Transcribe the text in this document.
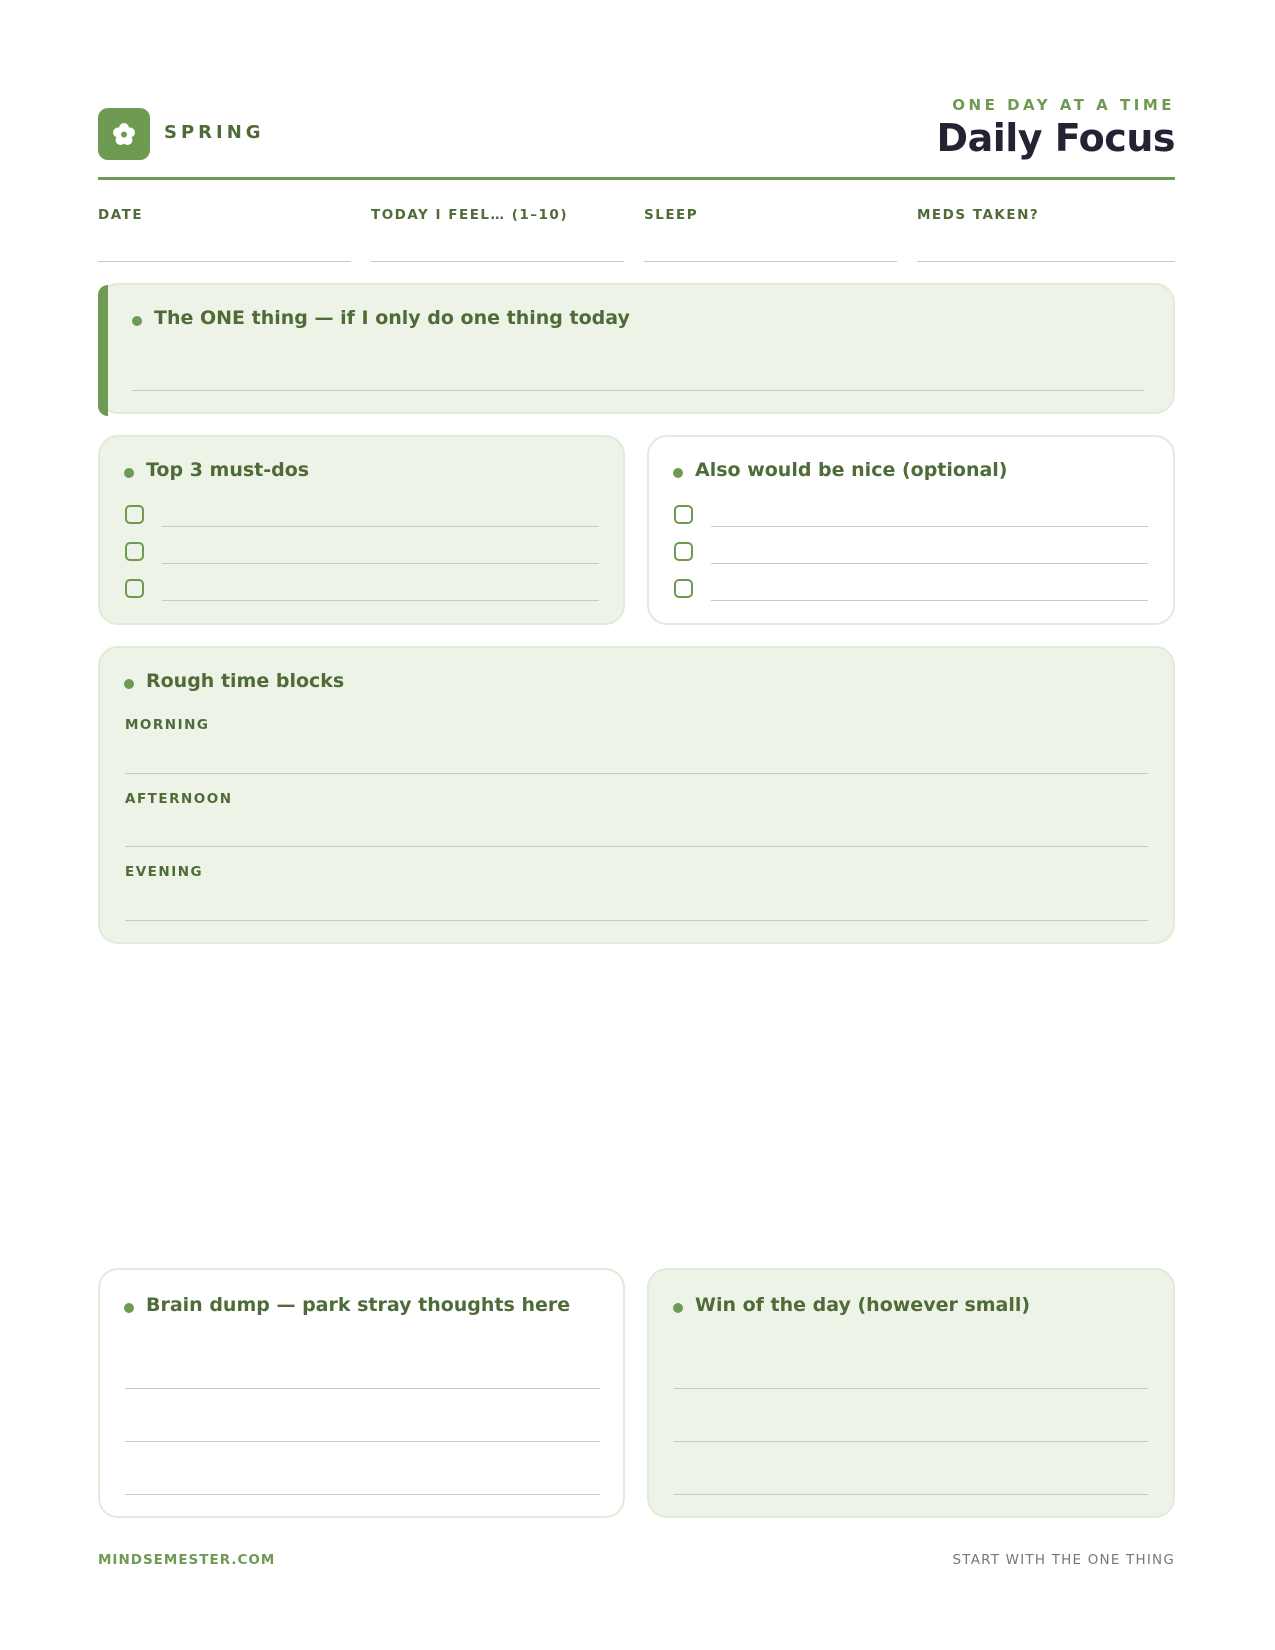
SPRING
ONE DAY AT A TIME
Daily Focus
DATE	TODAY I FEEL… (1–10)	SLEEP	MEDS TAKEN?
The ONE thing — if I only do one thing today
Top 3 must-dos	Also would be nice (optional)
Rough time blocks
MORNING
AFTERNOON
EVENING
Brain dump — park stray thoughts here	Win of the day (however small)
MINDSEMESTER.COM	START WITH THE ONE THING
